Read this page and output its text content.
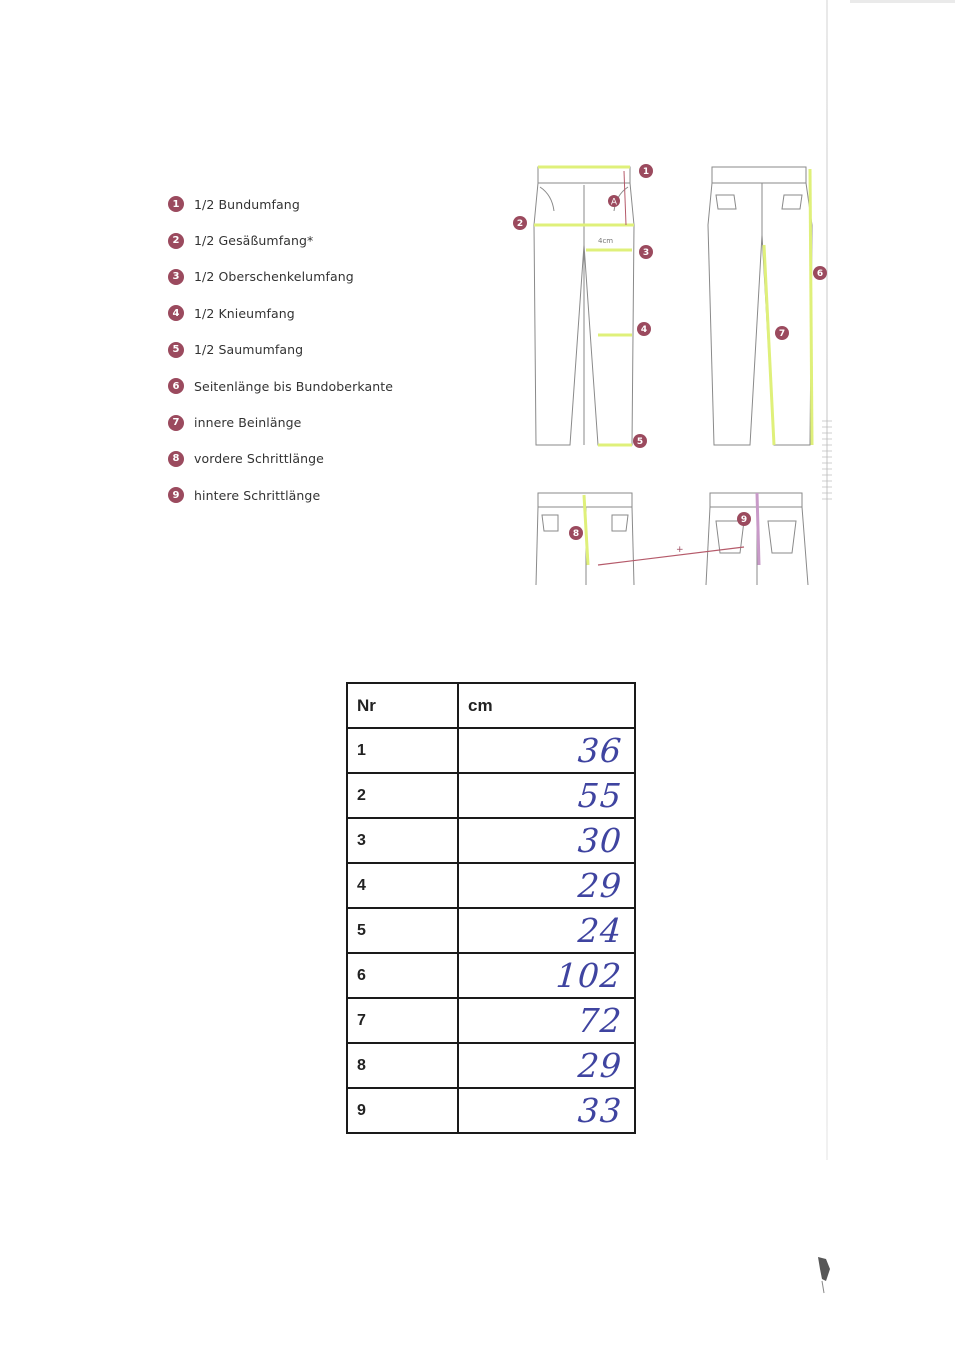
1	1/2 Bundumfang
2	1/2 Gesäßumfang*
3	1/2 Oberschenkelumfang
4	1/2 Knieumfang
5	1/2 Saumumfang
6	Seitenlänge bis Bundoberkante
7	innere Beinlänge
8	vordere Schrittlänge
9	hintere Schrittlänge
A
4cm
+
1
2
3
4
5
6
7
8
9
Nr	cm
1	36

2	55

3	30

4	29

5	24

6	102

7	72

8	29

9	33
